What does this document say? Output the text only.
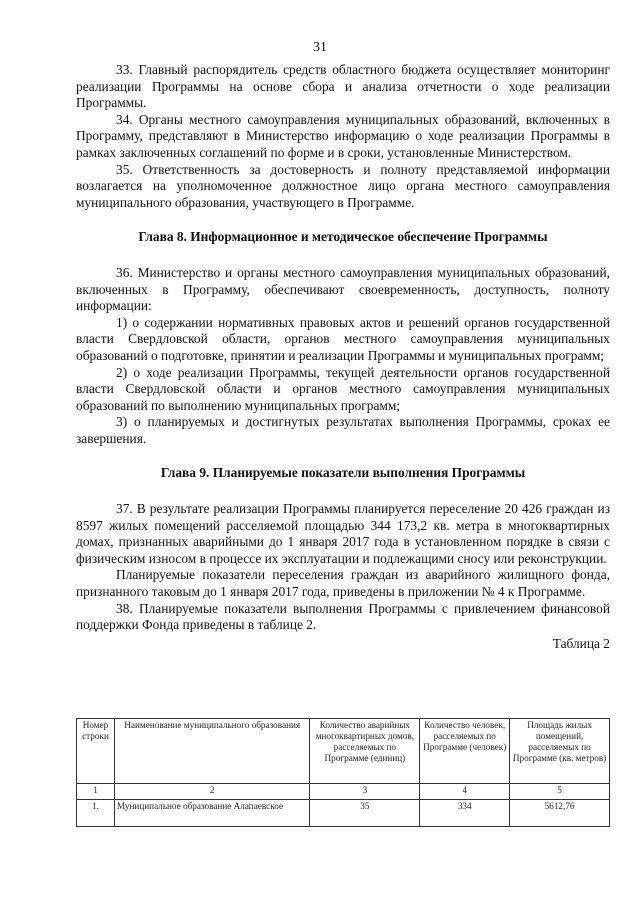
31

33. Главный распорядитель средств областного бюджета осуществляет мониторинг реализации Программы на основе сбора и анализа отчетности о ходе реализации Программы.

34. Органы местного самоуправления муниципальных образований, включенных в Программу, представляют в Министерство информацию о ходе реализации Программы в рамках заключенных соглашений по форме и в сроки, установленные Министерством.

35. Ответственность за достоверность и полноту представляемой информации возлагается на уполномоченное должностное лицо органа местного самоуправления муниципального образования, участвующего в Программе.

Глава 8. Информационное и методическое обеспечение Программы

36. Министерство и органы местного самоуправления муниципальных образований, включенных в Программу, обеспечивают своевременность, доступность, полноту информации:

1) о содержании нормативных правовых актов и решений органов государственной власти Свердловской области, органов местного самоуправления муниципальных образований о подготовке, принятии и реализации Программы и муниципальных программ;

2) о ходе реализации Программы, текущей деятельности органов государственной власти Свердловской области и органов местного самоуправления муниципальных образований по выполнению муниципальных программ;

3) о планируемых и достигнутых результатах выполнения Программы, сроках ее завершения.

Глава 9. Планируемые показатели выполнения Программы

37. В результате реализации Программы планируется переселение 20 426 граждан из 8597 жилых помещений расселяемой площадью 344 173,2 кв. метра в многоквартирных домах, признанных аварийными до 1 января 2017 года в установленном порядке в связи с физическим износом в процессе их эксплуатации и подлежащими сносу или реконструкции.

Планируемые показатели переселения граждан из аварийного жилищного фонда, признанного таковым до 1 января 2017 года, приведены в приложении № 4 к Программе.

38. Планируемые показатели выполнения Программы с привлечением финансовой поддержки Фонда приведены в таблице 2.

Таблица 2

Номер строки	Наименование муниципального образования	Количество аварийных многоквартирных домов, расселяемых по Программе (единиц)	Количество человек, расселяемых по Программе (человек)	Площадь жилых помещений, расселяемых по Программе (кв. метров)
1	2	3	4	5
1.	Муниципальное образование Алапаевское	35	334	5612,76
